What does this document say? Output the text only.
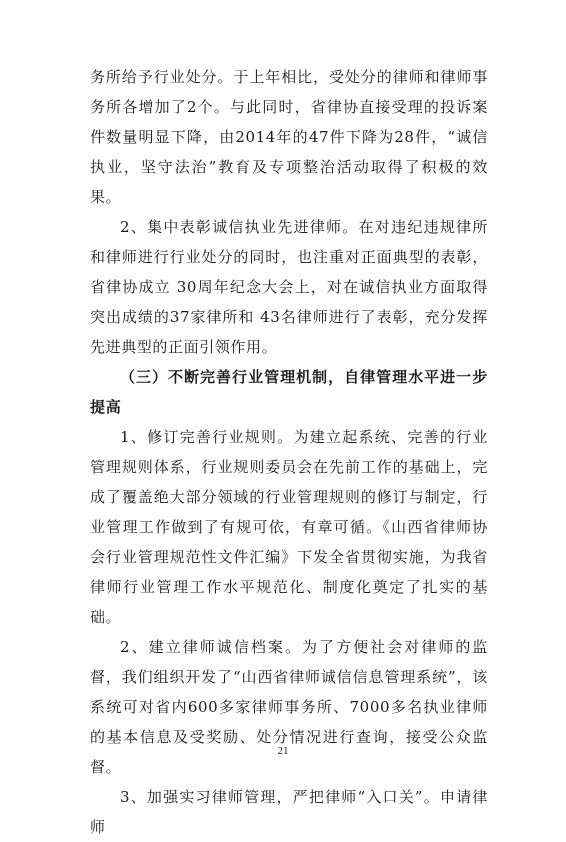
务所给予行业处分。于上年相比，受处分的律师和律师事务所各增加了2个。与此同时，省律协直接受理的投诉案件数量明显下降，由2014年的47件下降为28件，“诚信执业，坚守法治”教育及专项整治活动取得了积极的效果。

2、集中表彰诚信执业先进律师。在对违纪违规律所和律师进行行业处分的同时，也注重对正面典型的表彰，省律协成立 30周年纪念大会上，对在诚信执业方面取得突出成绩的37家律所和 43名律师进行了表彰，充分发挥先进典型的正面引领作用。

（三）不断完善行业管理机制，自律管理水平进一步提高

1、修订完善行业规则。为建立起系统、完善的行业管理规则体系，行业规则委员会在先前工作的基础上，完成了覆盖绝大部分领域的行业管理规则的修订与制定，行业管理工作做到了有规可依，有章可循。《山西省律师协会行业管理规范性文件汇编》下发全省贯彻实施，为我省律师行业管理工作水平规范化、制度化奠定了扎实的基础。

2、建立律师诚信档案。为了方便社会对律师的监督，我们组织开发了“山西省律师诚信信息管理系统”，该系统可对省内600多家律师事务所、7000多名执业律师的基本信息及受奖励、处分情况进行查询，接受公众监督。

3、加强实习律师管理，严把律师“入口关”。申请律师

21
